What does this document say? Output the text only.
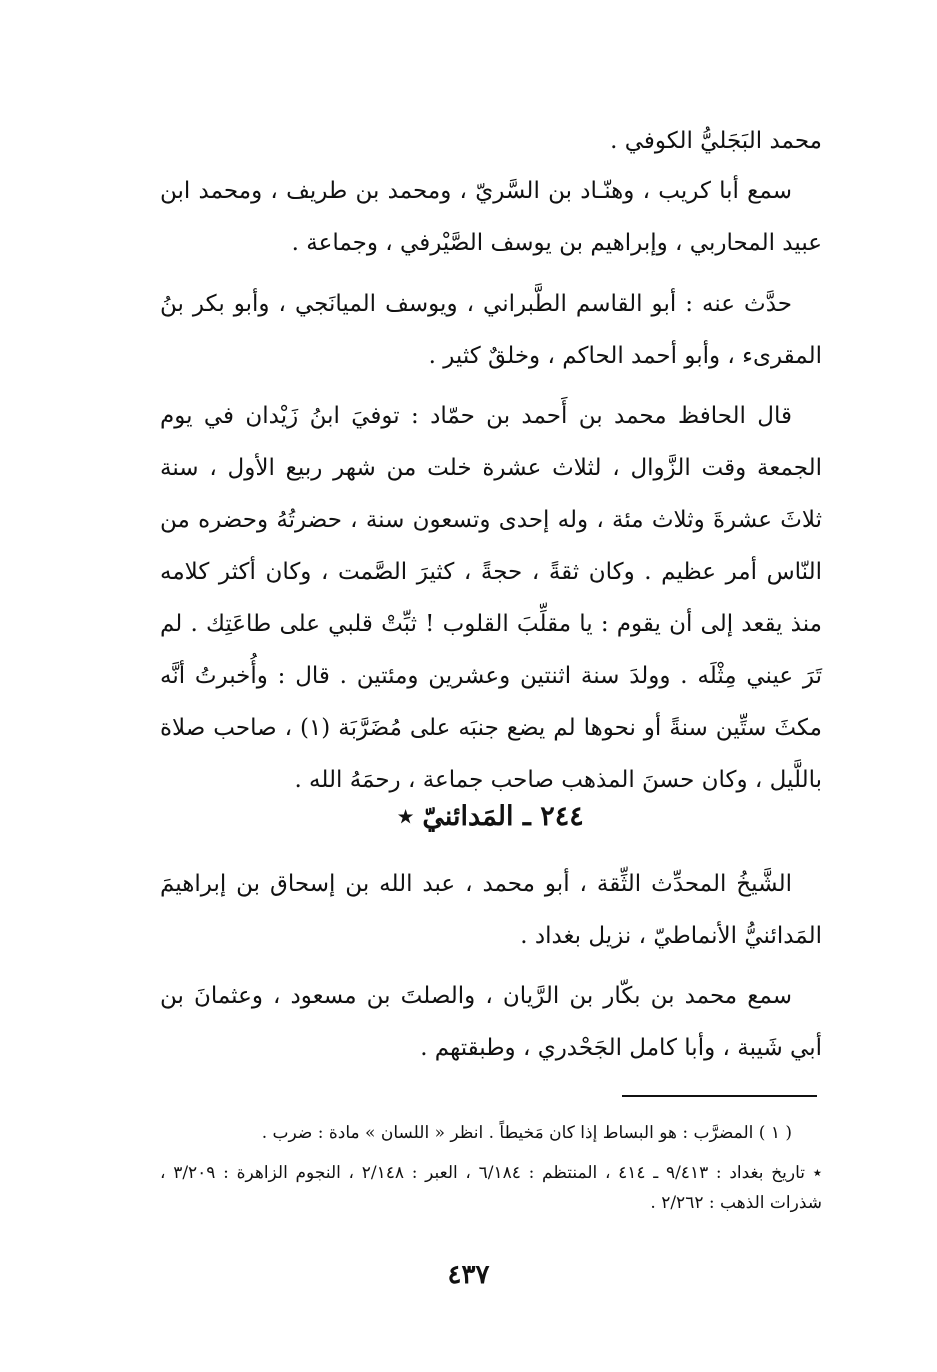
محمد البَجَليُّ الكوفي .

سمع أبا كريب ، وهنّـاد بن السَّريّ ، ومحمد بن طريف ، ومحمد ابن عبيد المحاربي ، وإبراهيم بن يوسف الصَّيْرفي ، وجماعة .

حدَّث عنه : أبو القاسم الطَّبراني ، ويوسف الميانَجي ، وأبو بكر بنُ المقرىء ، وأبو أحمد الحاكم ، وخلقٌ كثير .

قال الحافظ محمد بن أَحمد بن حمّاد : توفيَ ابنُ زَيْدان في يوم الجمعة وقت الزَّوال ، لثلاث عشرة خلت من شهر ربيع الأول ، سنة ثلاثَ عشرةَ وثلاث مئة ، وله إحدى وتسعون سنة ، حضرتُهُ وحضره من النّاس أمر عظيم . وكان ثقةً ، حجةً ، كثيرَ الصَّمت ، وكان أكثر كلامه منذ يقعد إلى أن يقوم : يا مقلِّبَ القلوب ! ثبِّتْ قلبي على طاعَتِك . لم تَرَ عيني مِثْلَه . وولدَ سنة اثنتين وعشرين ومئتين . قال : وأُخبرتُ أنَّه مكثَ ستِّين سنةً أو نحوها لم يضع جنبَه على مُضَرَّبَة (١) ، صاحب صلاة باللَّيل ، وكان حسنَ المذهب صاحب جماعة ، رحمَهُ الله .

٢٤٤ ـ المَدائنيّ ٭

الشَّيخُ المحدِّث الثِّقة ، أبو محمد ، عبد الله بن إسحاق بن إبراهيمَ المَدائنيُّ الأنماطيّ ، نزيل بغداد .

سمع محمد بن بكّار بن الرَّيان ، والصلتَ بن مسعود ، وعثمانَ بن أبي شَيبة ، وأبا كامل الجَحْدري ، وطبقتهم .

( ١ ) المضرَّب : هو البساط إذا كان مَخيطاً . انظر « اللسان » مادة : ضرب .

٭ تاريخ بغداد : ٩/٤١٣ ـ ٤١٤ ، المنتظم : ٦/١٨٤ ، العبر : ٢/١٤٨ ، النجوم الزاهرة : ٣/٢٠٩ ، شذرات الذهب : ٢/٢٦٢ .

٤٣٧
